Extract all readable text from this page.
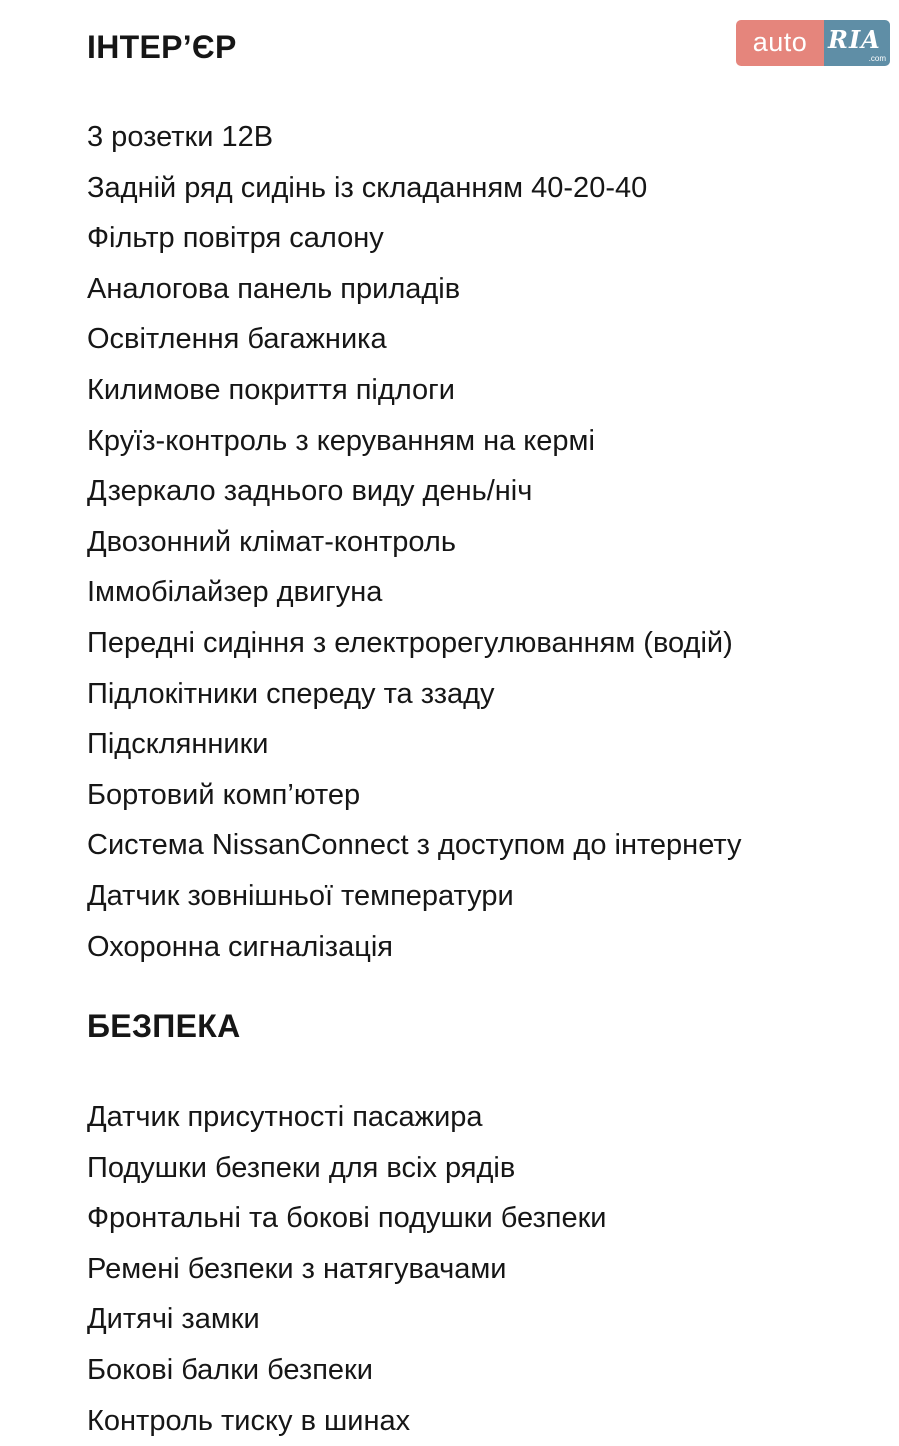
auto RIA
.com
ІНТЕР’ЄР
3 розетки 12В
Задній ряд сидінь із складанням 40-20-40
Фільтр повітря салону
Аналогова панель приладів
Освітлення багажника
Килимове покриття підлоги
Круїз-контроль з керуванням на кермі
Дзеркало заднього виду день/ніч
Двозонний клімат-контроль
Іммобілайзер двигуна
Передні сидіння з електрорегулюванням (водій)
Підлокітники спереду та ззаду
Підсклянники
Бортовий комп’ютер
Система NissanConnect з доступом до інтернету
Датчик зовнішньої температури
Охоронна сигналізація
БЕЗПЕКА
Датчик присутності пасажира
Подушки безпеки для всіх рядів
Фронтальні та бокові подушки безпеки
Ремені безпеки з натягувачами
Дитячі замки
Бокові балки безпеки
Контроль тиску в шинах
